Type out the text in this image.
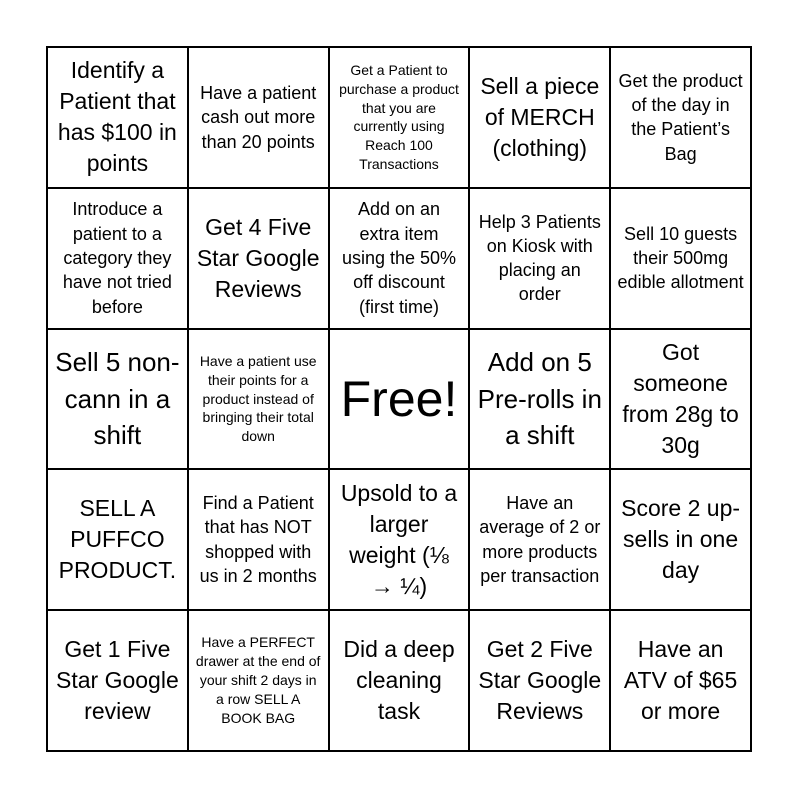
Identify a Patient that has $100 in points
Have a patient cash out more than 20 points
Get a Patient to purchase a product that you are currently using Reach 100 Transactions
Sell a piece of MERCH (clothing)
Get the product of the day in the Patient’s Bag
Introduce a patient to a category they have not tried before
Get 4 Five Star Google Reviews
Add on an extra item using the 50% off discount (first time)
Help 3 Patients on Kiosk with placing an order
Sell 10 guests their 500mg edible allotment
Sell 5 non-cann in a shift
Have a patient use their points for a product instead of bringing their total down
Free!
Add on 5 Pre-rolls in a shift
Got someone from 28g to 30g
SELL A PUFFCO PRODUCT.
Find a Patient that has NOT shopped with us in 2 months
Upsold to a larger weight (⅛ → ¼)
Have an average of 2 or more products per transaction
Score 2 up-sells in one day
Get 1 Five Star Google review
Have a PERFECT drawer at the end of your shift 2 days in a row SELL A BOOK BAG
Did a deep cleaning task
Get 2 Five Star Google Reviews
Have an ATV of $65 or more
